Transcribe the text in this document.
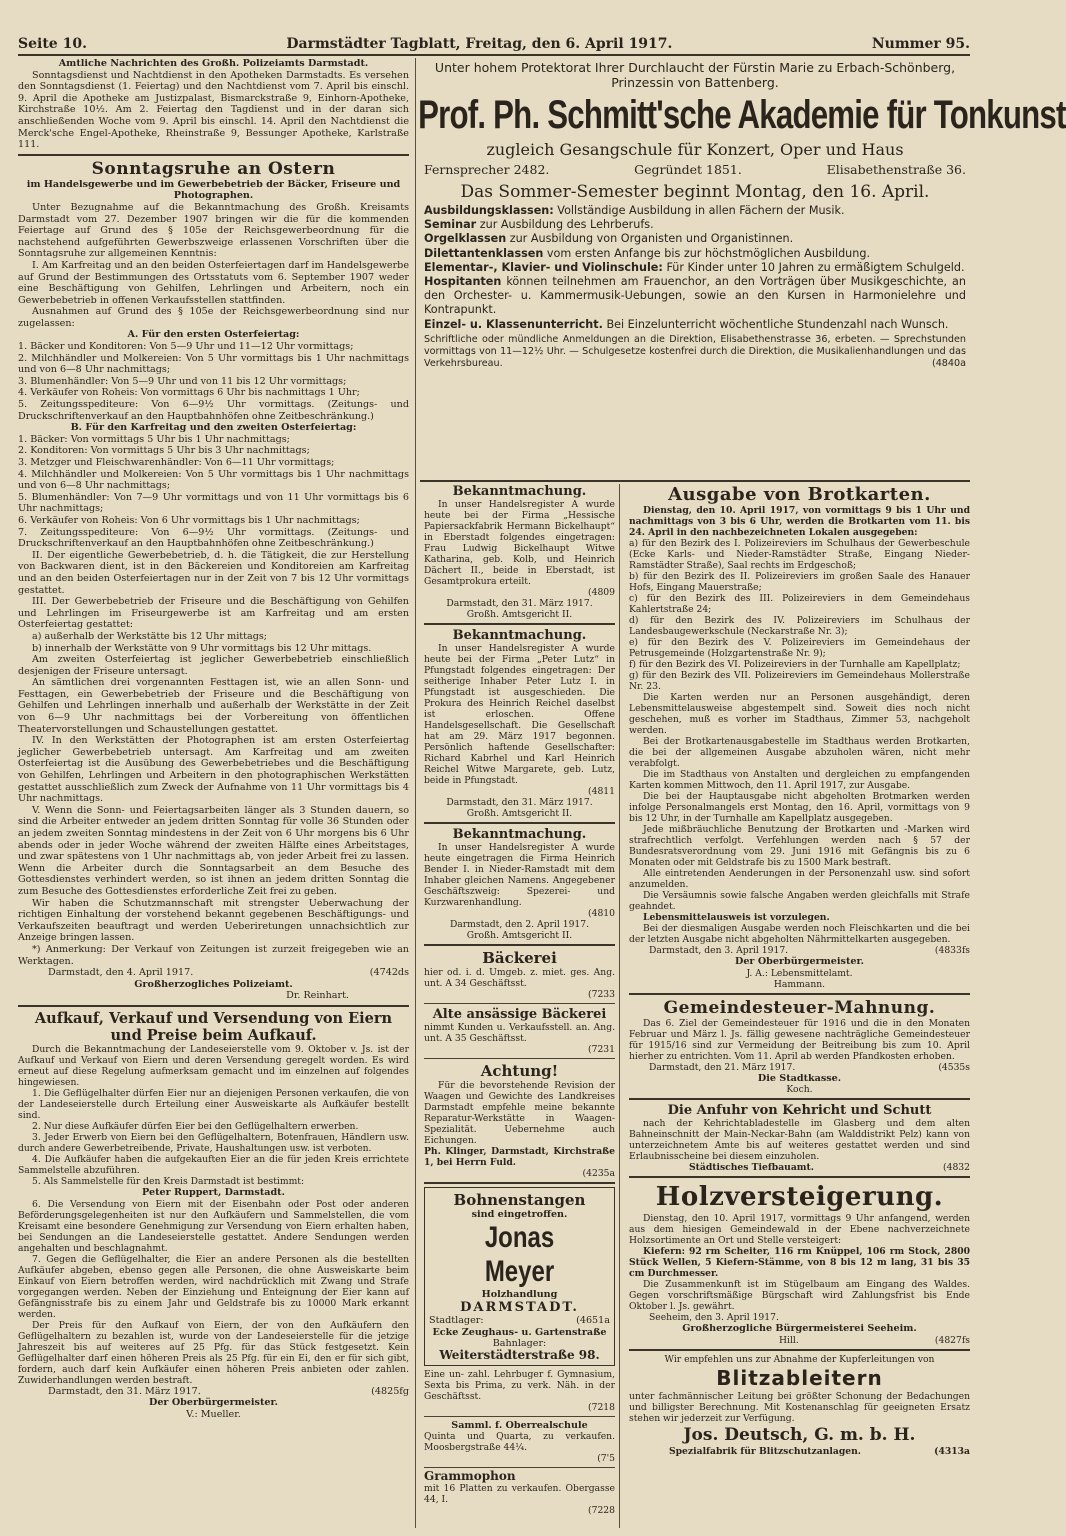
Seite 10.	Darmstädter Tagblatt, Freitag, den 6. April 1917.	Nummer 95.
Amtliche Nachrichten des Großh. Polizeiamts Darmstadt.
Sonntagsdienst und Nachtdienst in den Apotheken Darmstadts. Es versehen den Sonntagsdienst (1. Feiertag) und den Nachtdienst vom 7. April bis einschl. 9. April die Apotheke am Justizpalast, Bismarckstraße 9, Einhorn-Apotheke, Kirchstraße 10½. Am 2. Feiertag den Tagdienst und in der daran sich anschließenden Woche vom 9. April bis einschl. 14. April den Nachtdienst die Merck'sche Engel-Apotheke, Rheinstraße 9, Bessunger Apotheke, Karlstraße 111.
Sonntagsruhe an Ostern
im Handelsgewerbe und im Gewerbebetrieb der Bäcker, Friseure und Photographen.
Unter Bezugnahme auf die Bekanntmachung des Großh. Kreisamts Darmstadt vom 27. Dezember 1907 bringen wir die für die kommenden Feiertage auf Grund des § 105e der Reichsgewerbeordnung für die nachstehend aufgeführten Gewerbszweige erlassenen Vorschriften über die Sonntagsruhe zur allgemeinen Kenntnis:
I. Am Karfreitag und an den beiden Osterfeiertagen darf im Handelsgewerbe auf Grund der Bestimmungen des Ortsstatuts vom 6. September 1907 weder eine Beschäftigung von Gehilfen, Lehrlingen und Arbeitern, noch ein Gewerbebetrieb in offenen Verkaufsstellen stattfinden.
Ausnahmen auf Grund des § 105e der Reichsgewerbeordnung sind nur zugelassen:
A. Für den ersten Osterfeiertag:
1. Bäcker und Konditoren: Von 5—9 Uhr und 11—12 Uhr vormittags;
2. Milchhändler und Molkereien: Von 5 Uhr vormittags bis 1 Uhr nachmittags und von 6—8 Uhr nachmittags;
3. Blumenhändler: Von 5—9 Uhr und von 11 bis 12 Uhr vormittags;
4. Verkäufer von Roheis: Von vormittags 6 Uhr bis nachmittags 1 Uhr;
5. Zeitungsspediteure: Von 6—9½ Uhr vormittags. (Zeitungs- und Druckschriftenverkauf an den Hauptbahnhöfen ohne Zeitbeschränkung.)
B. Für den Karfreitag und den zweiten Osterfeiertag:
1. Bäcker: Von vormittags 5 Uhr bis 1 Uhr nachmittags;
2. Konditoren: Von vormittags 5 Uhr bis 3 Uhr nachmittags;
3. Metzger und Fleischwarenhändler: Von 6—11 Uhr vormittags;
4. Milchhändler und Molkereien: Von 5 Uhr vormittags bis 1 Uhr nachmittags und von 6—8 Uhr nachmittags;
5. Blumenhändler: Von 7—9 Uhr vormittags und von 11 Uhr vormittags bis 6 Uhr nachmittags;
6. Verkäufer von Roheis: Von 6 Uhr vormittags bis 1 Uhr nachmittags;
7. Zeitungsspediteure: Von 6—9½ Uhr vormittags. (Zeitungs- und Druckschriftenverkauf an den Hauptbahnhöfen ohne Zeitbeschränkung.)
II. Der eigentliche Gewerbebetrieb, d. h. die Tätigkeit, die zur Herstellung von Backwaren dient, ist in den Bäckereien und Konditoreien am Karfreitag und an den beiden Osterfeiertagen nur in der Zeit von 7 bis 12 Uhr vormittags gestattet.
III. Der Gewerbebetrieb der Friseure und die Beschäftigung von Gehilfen und Lehrlingen im Friseurgewerbe ist am Karfreitag und am ersten Osterfeiertag gestattet:
a) außerhalb der Werkstätte bis 12 Uhr mittags;
b) innerhalb der Werkstätte von 9 Uhr vormittags bis 12 Uhr mittags.
Am zweiten Osterfeiertag ist jeglicher Gewerbebetrieb einschließlich desjenigen der Friseure untersagt.
An sämtlichen drei vorgenannten Festtagen ist, wie an allen Sonn- und Festtagen, ein Gewerbebetrieb der Friseure und die Beschäftigung von Gehilfen und Lehrlingen innerhalb und außerhalb der Werkstätte in der Zeit von 6—9 Uhr nachmittags bei der Vorbereitung von öffentlichen Theatervorstellungen und Schaustellungen gestattet.
IV. In den Werkstätten der Photographen ist am ersten Osterfeiertag jeglicher Gewerbebetrieb untersagt. Am Karfreitag und am zweiten Osterfeiertag ist die Ausübung des Gewerbebetriebes und die Beschäftigung von Gehilfen, Lehrlingen und Arbeitern in den photographischen Werkstätten gestattet ausschließlich zum Zweck der Aufnahme von 11 Uhr vormittags bis 4 Uhr nachmittags.
V. Wenn die Sonn- und Feiertagsarbeiten länger als 3 Stunden dauern, so sind die Arbeiter entweder an jedem dritten Sonntag für volle 36 Stunden oder an jedem zweiten Sonntag mindestens in der Zeit von 6 Uhr morgens bis 6 Uhr abends oder in jeder Woche während der zweiten Hälfte eines Arbeitstages, und zwar spätestens von 1 Uhr nachmittags ab, von jeder Arbeit frei zu lassen. Wenn die Arbeiter durch die Sonntagsarbeit an dem Besuche des Gottesdienstes verhindert werden, so ist ihnen an jedem dritten Sonntag die zum Besuche des Gottesdienstes erforderliche Zeit frei zu geben.
Wir haben die Schutzmannschaft mit strengster Ueberwachung der richtigen Einhaltung der vorstehend bekannt gegebenen Beschäftigungs- und Verkaufszeiten beauftragt und werden Ueberiretungen unnachsichtlich zur Anzeige bringen lassen.
*) Anmerkung: Der Verkauf von Zeitungen ist zurzeit freigegeben wie an Werktagen.
Darmstadt, den 4. April 1917.	(4742ds
Großherzogliches Polizeiamt.
Dr. Reinhart.
Aufkauf, Verkauf und Versendung von Eiern und Preise beim Aufkauf.
Durch die Bekanntmachung der Landeseierstelle vom 9. Oktober v. Js. ist der Aufkauf und Verkauf von Eiern und deren Versendung geregelt worden. Es wird erneut auf diese Regelung aufmerksam gemacht und im einzelnen auf folgendes hingewiesen.
1. Die Geflügelhalter dürfen Eier nur an diejenigen Personen verkaufen, die von der Landeseierstelle durch Erteilung einer Ausweiskarte als Aufkäufer bestellt sind.
2. Nur diese Aufkäufer dürfen Eier bei den Geflügelhaltern erwerben.
3. Jeder Erwerb von Eiern bei den Geflügelhaltern, Botenfrauen, Händlern usw. durch andere Gewerbetreibende, Private, Haushaltungen usw. ist verboten.
4. Die Aufkäufer haben die aufgekauften Eier an die für jeden Kreis errichtete Sammelstelle abzuführen.
5. Als Sammelstelle für den Kreis Darmstadt ist bestimmt:
Peter Ruppert, Darmstadt.
6. Die Versendung von Eiern mit der Eisenbahn oder Post oder anderen Beförderungsgelegenheiten ist nur den Aufkäufern und Sammelstellen, die vom Kreisamt eine besondere Genehmigung zur Versendung von Eiern erhalten haben, bei Sendungen an die Landeseierstelle gestattet. Andere Sendungen werden angehalten und beschlagnahmt.
7. Gegen die Geflügelhalter, die Eier an andere Personen als die bestellten Aufkäufer abgeben, ebenso gegen alle Personen, die ohne Ausweiskarte beim Einkauf von Eiern betroffen werden, wird nachdrücklich mit Zwang und Strafe vorgegangen werden. Neben der Einziehung und Enteignung der Eier kann auf Gefängnisstrafe bis zu einem Jahr und Geldstrafe bis zu 10000 Mark erkannt werden.
Der Preis für den Aufkauf von Eiern, der von den Aufkäufern den Geflügelhaltern zu bezahlen ist, wurde von der Landeseierstelle für die jetzige Jahreszeit bis auf weiteres auf 25 Pfg. für das Stück festgesetzt. Kein Geflügelhalter darf einen höheren Preis als 25 Pfg. für ein Ei, den er für sich gibt, fordern, auch darf kein Aufkäufer einen höheren Preis anbieten oder zahlen. Zuwiderhandlungen werden bestraft.
Darmstadt, den 31. März 1917.	(4825fg
Der Oberbürgermeister.
V.: Mueller.
Unter hohem Protektorat Ihrer Durchlaucht der Fürstin Marie zu Erbach-Schönberg, Prinzessin von Battenberg.
Prof. Ph. Schmitt'sche Akademie für Tonkunst
zugleich Gesangschule für Konzert, Oper und Haus
Fernsprecher 2482.	Gegründet 1851.	Elisabethenstraße 36.
Das Sommer-Semester beginnt Montag, den 16. April.
Ausbildungsklassen: Vollständige Ausbildung in allen Fächern der Musik.
Seminar zur Ausbildung des Lehrberufs.
Orgelklassen zur Ausbildung von Organisten und Organistinnen.
Dilettantenklassen vom ersten Anfange bis zur höchstmöglichen Ausbildung.
Elementar-, Klavier- und Violinschule: Für Kinder unter 10 Jahren zu ermäßigtem Schulgeld.
Hospitanten können teilnehmen am Frauenchor, an den Vorträgen über Musikgeschichte, an den Orchester- u. Kammermusik-Uebungen, sowie an den Kursen in Harmonielehre und Kontrapunkt.
Einzel- u. Klassenunterricht. Bei Einzelunterricht wöchentliche Stundenzahl nach Wunsch.
Schriftliche oder mündliche Anmeldungen an die Direktion, Elisabethenstrasse 36, erbeten. — Sprechstunden vormittags von 11—12½ Uhr. — Schulgesetze kostenfrei durch die Direktion, die Musikalienhandlungen und das Verkehrsbureau.	(4840a
Bekanntmachung.
In unser Handelsregister A wurde heute bei der Firma „Hessische Papiersackfabrik Hermann Bickelhaupt“ in Eberstadt folgendes eingetragen: Frau Ludwig Bickelhaupt Witwe Katharina, geb. Kolb, und Heinrich Dächert II., beide in Eberstadt, ist Gesamtprokura erteilt.
(4809
Darmstadt, den 31. März 1917.
Großh. Amtsgericht II.
Bekanntmachung.
In unser Handelsregister A wurde heute bei der Firma „Peter Lutz“ in Pfungstadt folgendes eingetragen: Der seitherige Inhaber Peter Lutz I. in Pfungstadt ist ausgeschieden. Die Prokura des Heinrich Reichel daselbst ist erloschen. Offene Handelsgesellschaft. Die Gesellschaft hat am 29. März 1917 begonnen. Persönlich haftende Gesellschafter: Richard Kabrhel und Karl Heinrich Reichel Witwe Margarete, geb. Lutz, beide in Pfungstadt.
(4811
Darmstadt, den 31. März 1917.
Großh. Amtsgericht II.
Bekanntmachung.
In unser Handelsregister A wurde heute eingetragen die Firma Heinrich Bender I. in Nieder-Ramstadt mit dem Inhaber gleichen Namens. Angegebener Geschäftszweig: Spezerei- und Kurzwarenhandlung.
(4810
Darmstadt, den 2. April 1917.
Großh. Amtsgericht II.
Bäckerei
hier od. i. d. Umgeb. z. miet. ges. Ang. unt. A 34 Geschäftsst.
(7233
Alte ansässige Bäckerei
nimmt Kunden u. Verkaufsstell. an. Ang. unt. A 35 Geschäftsst.
(7231
Achtung!
Für die bevorstehende Revision der Waagen und Gewichte des Landkreises Darmstadt empfehle meine bekannte Reparatur-Werkstätte in Waagen-Spezialität. Uebernehme auch Eichungen.
Ph. Klinger, Darmstadt, Kirchstraße 1, bei Herrn Fuld.
(4235a
Bohnenstangen
sind eingetroffen.
Jonas Meyer
Holzhandlung
DARMSTADT.
Stadtlager:	(4651a
Ecke Zeughaus- u. Gartenstraße
Bahnlager:
Weiterstädterstraße 98.
Eine un- zahl. Lehrbuger f. Gymnasium, Sexta bis Prima, zu verk. Näh. in der Geschäftsst.
(7218
Samml. f. Oberrealschule
Quinta und Quarta, zu verkaufen. Moosbergstraße 44¼.
(7'5
Grammophon
mit 16 Platten zu verkaufen. Obergasse 44, I.
(7228
Ausgabe von Brotkarten.
Dienstag, den 10. April 1917, von vormittags 9 bis 1 Uhr und nachmittags von 3 bis 6 Uhr, werden die Brotkarten vom 11. bis 24. April in den nachbezeichneten Lokalen ausgegeben:
a) für den Bezirk des I. Polizeireviers im Schulhaus der Gewerbeschule (Ecke Karls- und Nieder-Ramstädter Straße, Eingang Nieder-Ramstädter Straße), Saal rechts im Erdgeschoß;
b) für den Bezirk des II. Polizeireviers im großen Saale des Hanauer Hofs, Eingang Mauerstraße;
c) für den Bezirk des III. Polizeireviers in dem Gemeindehaus Kahlertstraße 24;
d) für den Bezirk des IV. Polizeireviers im Schulhaus der Landesbaugewerkschule (Neckarstraße Nr. 3);
e) für den Bezirk des V. Polizeireviers im Gemeindehaus der Petrusgemeinde (Holzgartenstraße Nr. 9);
f) für den Bezirk des VI. Polizeireviers in der Turnhalle am Kapellplatz;
g) für den Bezirk des VII. Polizeireviers im Gemeindehaus Mollerstraße Nr. 23.
Die Karten werden nur an Personen ausgehändigt, deren Lebensmittelausweise abgestempelt sind. Soweit dies noch nicht geschehen, muß es vorher im Stadthaus, Zimmer 53, nachgeholt werden.
Bei der Brotkartenausgabestelle im Stadthaus werden Brotkarten, die bei der allgemeinen Ausgabe abzuholen wären, nicht mehr verabfolgt.
Die im Stadthaus von Anstalten und dergleichen zu empfangenden Karten kommen Mittwoch, den 11. April 1917, zur Ausgabe.
Die bei der Hauptausgabe nicht abgeholten Brotmarken werden infolge Personalmangels erst Montag, den 16. April, vormittags von 9 bis 12 Uhr, in der Turnhalle am Kapellplatz ausgegeben.
Jede mißbräuchliche Benutzung der Brotkarten und -Marken wird strafrechtlich verfolgt. Verfehlungen werden nach § 57 der Bundesratsverordnung vom 29. Juni 1916 mit Gefängnis bis zu 6 Monaten oder mit Geldstrafe bis zu 1500 Mark bestraft.
Alle eintretenden Aenderungen in der Personenzahl usw. sind sofort anzumelden.
Die Versäumnis sowie falsche Angaben werden gleichfalls mit Strafe geahndet.
Lebensmittelausweis ist vorzulegen.
Bei der diesmaligen Ausgabe werden noch Fleischkarten und die bei der letzten Ausgabe nicht abgeholten Nährmittelkarten ausgegeben.
Darmstadt, den 3. April 1917.	(4833fs
Der Oberbürgermeister.
J. A.: Lebensmittelamt.
Hammann.
Gemeindesteuer-Mahnung.
Das 6. Ziel der Gemeindesteuer für 1916 und die in den Monaten Februar und März l. Js. fällig gewesene nachträgliche Gemeindesteuer für 1915/16 sind zur Vermeidung der Beitreibung bis zum 10. April hierher zu entrichten. Vom 11. April ab werden Pfandkosten erhoben.
Darmstadt, den 21. März 1917.	(4535s
Die Stadtkasse.
Koch.
Die Anfuhr von Kehricht und Schutt
nach der Kehrichtabladestelle im Glasberg und dem alten Bahneinschnitt der Main-Neckar-Bahn (am Walddistrikt Pelz) kann von unterzeichnetem Amte bis auf weiteres gestattet werden und sind Erlaubnisscheine bei diesem einzuholen.
Städtisches Tiefbauamt.	(4832
Holzversteigerung.
Dienstag, den 10. April 1917, vormittags 9 Uhr anfangend, werden aus dem hiesigen Gemeindewald in der Ebene nachverzeichnete Holzsortimente an Ort und Stelle versteigert:
Kiefern: 92 rm Scheiter, 116 rm Knüppel, 106 rm Stock, 2800 Stück Wellen, 5 Kiefern-Stämme, von 8 bis 12 m lang, 31 bis 35 cm Durchmesser.
Die Zusammenkunft ist im Stügelbaum am Eingang des Waldes. Gegen vorschriftsmäßige Bürgschaft wird Zahlungsfrist bis Ende Oktober l. Js. gewährt.
Seeheim, den 3. April 1917.
Großherzogliche Bürgermeisterei Seeheim.
Hill.	(4827fs
Wir empfehlen uns zur Abnahme der Kupferleitungen von
Blitzableitern
unter fachmännischer Leitung bei größter Schonung der Bedachungen und billigster Berechnung. Mit Kostenanschlag für geeigneten Ersatz stehen wir jederzeit zur Verfügung.
Jos. Deutsch, G. m. b. H.
Spezialfabrik für Blitzschutzanlagen.	(4313a
